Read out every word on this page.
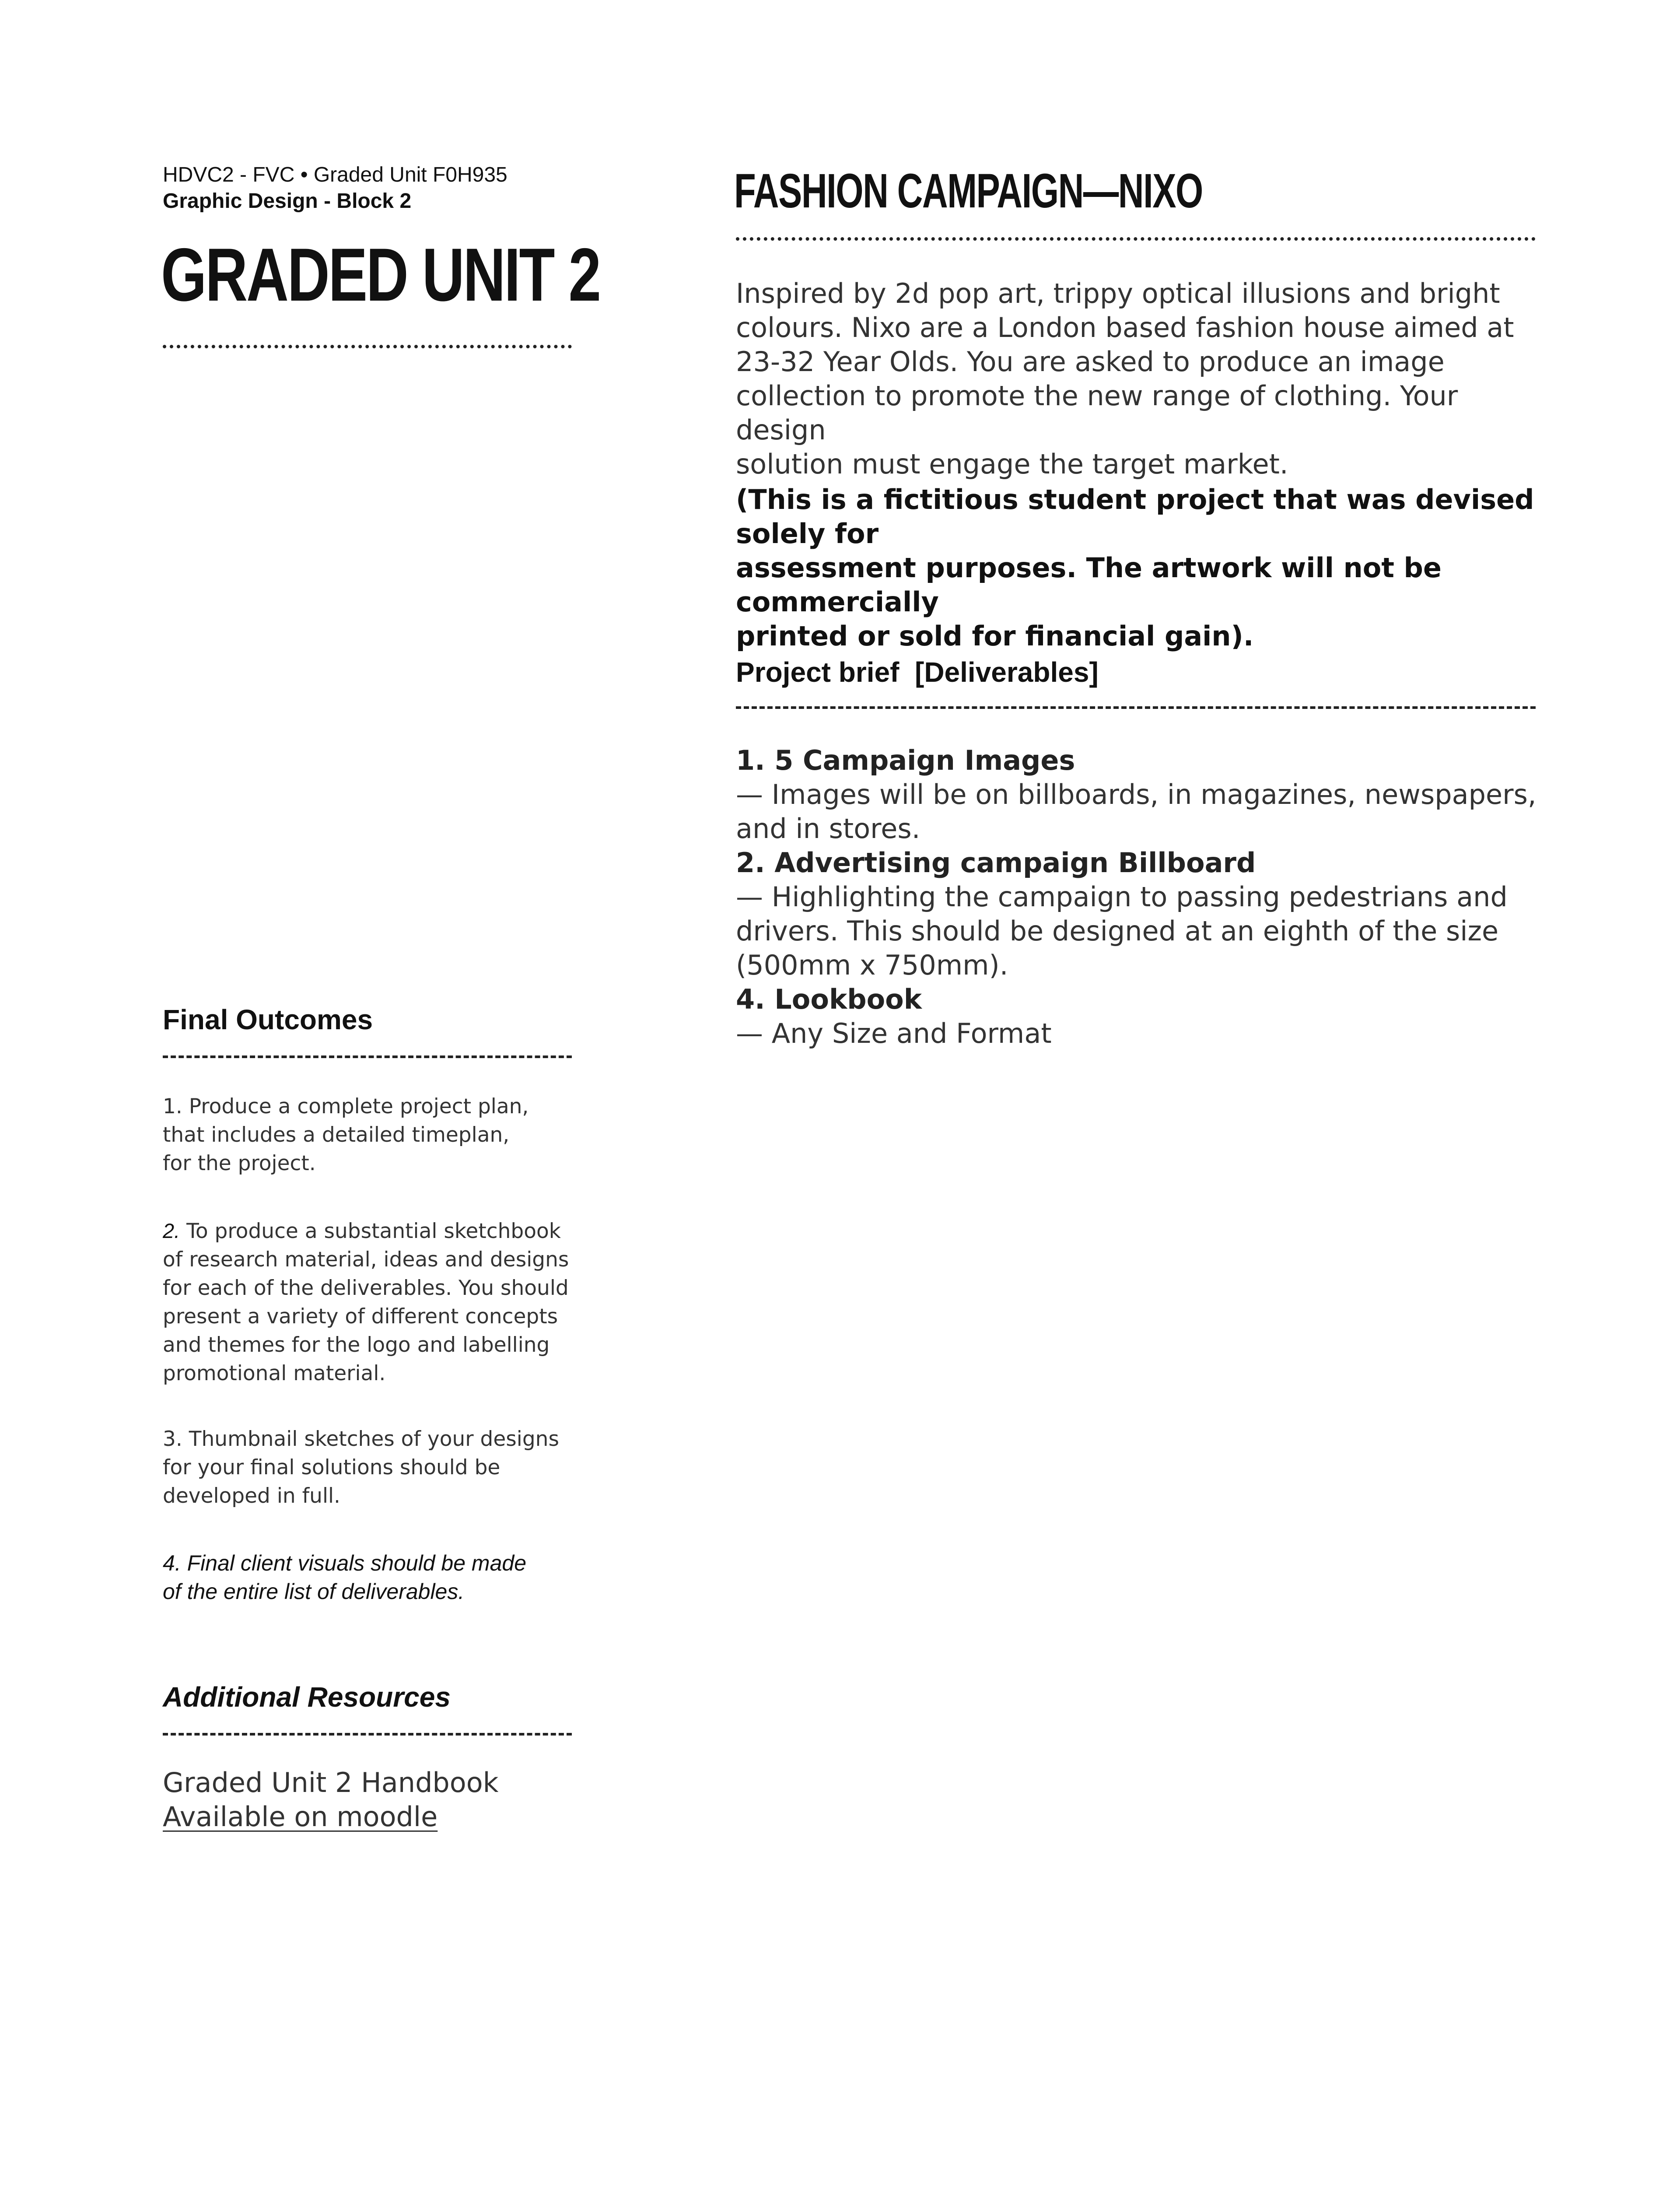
HDVC2 - FVC • Graded Unit F0H935

Graphic Design - Block 2

GRADED UNIT 2

Final Outcomes

1. Produce a complete project plan,

that includes a detailed timeplan,

for the project.

2. To produce a substantial sketchbook

of research material, ideas and designs

for each of the deliverables. You should

present a variety of different concepts

and themes for the logo and labelling

promotional material.

3. Thumbnail sketches of your designs

for your final solutions should be

developed in full.

4. Final client visuals should be made

of the entire list of deliverables.

Additional Resources

Graded Unit 2 Handbook

Available on moodle

FASHION CAMPAIGN—NIXO

Inspired by 2d pop art, trippy optical illusions and bright

colours. Nixo are a London based fashion house aimed at

23-32 Year Olds. You are asked to produce an image

collection to promote the new range of clothing. Your design

solution must engage the target market.

(This is a fictitious student project that was devised solely for

assessment purposes. The artwork will not be commercially

printed or sold for financial gain).

Project brief  [Deliverables]

1. 5 Campaign Images

— Images will be on billboards, in magazines, newspapers,

and in stores.

2. Advertising campaign Billboard

— Highlighting the campaign to passing pedestrians and

drivers. This should be designed at an eighth of the size

(500mm x 750mm).

4. Lookbook

— Any Size and Format
